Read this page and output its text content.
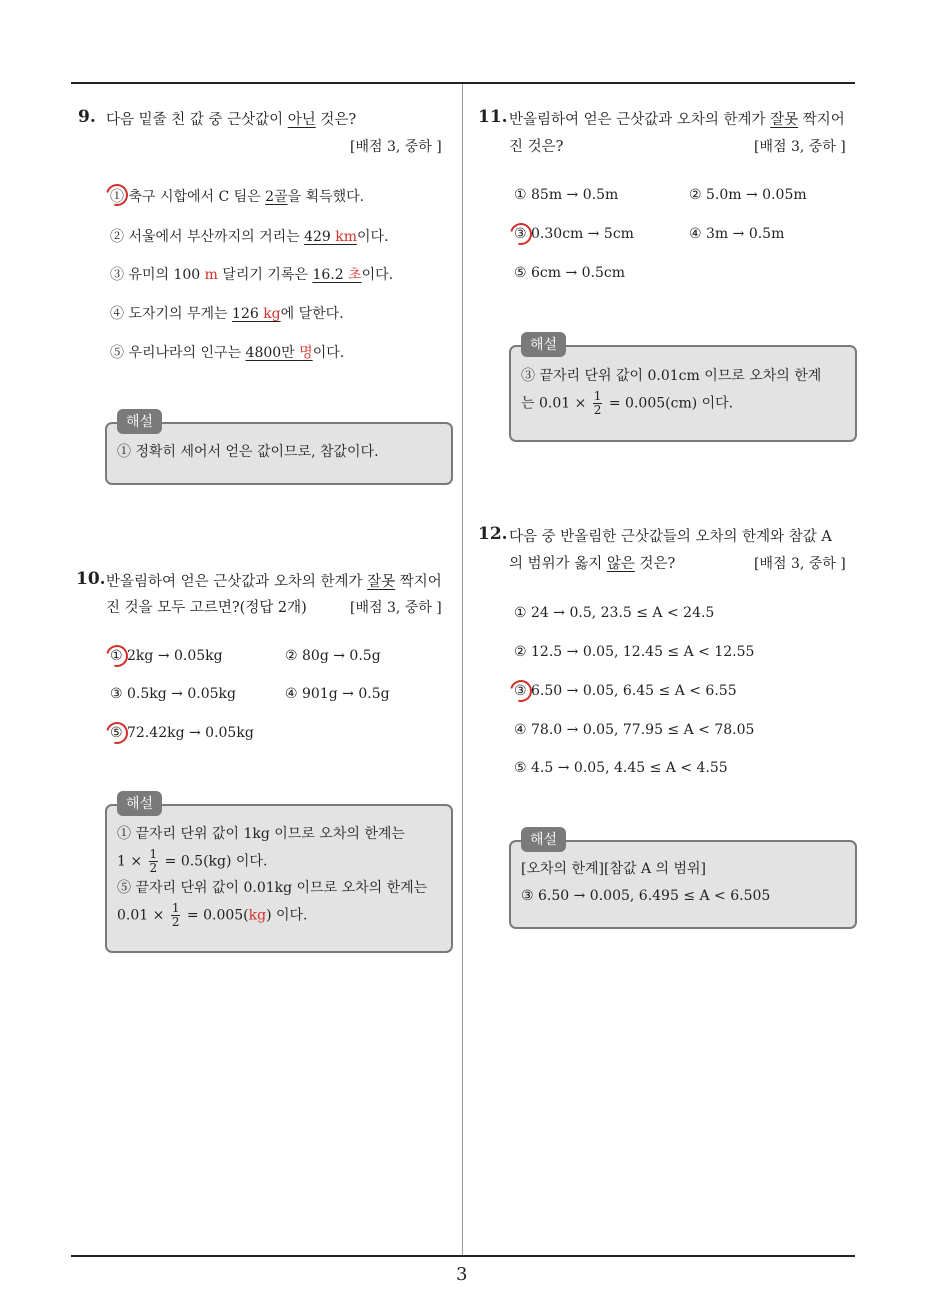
3
9. 다음 밑줄 친 값 중 근삿값이 아닌 것은?
[배점 3, 중하 ]
① 축구 시합에서 C 팀은 2골을 획득했다.
② 서울에서 부산까지의 거리는 429 km이다.
③ 유미의 100 m 달리기 기록은 16.2 초이다.
④ 도자기의 무게는 126 kg에 달한다.
⑤ 우리나라의 인구는 4800만 명이다.
해설
① 정확히 세어서 얻은 값이므로, 참값이다.
10. 반올림하여 얻은 근삿값과 오차의 한계가 잘못 짝지어
진 것을 모두 고르면?(정답 2개)	[배점 3, 중하 ]
① 2kg → 0.05kg	② 80g → 0.5g
③ 0.5kg → 0.05kg	④ 901g → 0.5g
⑤ 72.42kg → 0.05kg
해설
① 끝자리 단위 값이 1kg 이므로 오차의 한계는
$1 \times \frac{1}{2} = 0.5(kg)$ 이다.
⑤ 끝자리 단위 값이 0.01kg 이므로 오차의 한계는
$0.01 \times \frac{1}{2} = 0.005(kg)$ 이다.
11. 반올림하여 얻은 근삿값과 오차의 한계가 잘못 짝지어
진 것은?	[배점 3, 중하 ]
① 85m → 0.5m	② 5.0m → 0.05m
③ 0.30cm → 5cm	④ 3m → 0.5m
⑤ 6cm → 0.5cm
해설
③ 끝자리 단위 값이 0.01cm 이므로 오차의 한계
는 $0.01 \times \frac{1}{2} = 0.005(cm)$ 이다.
12. 다음 중 반올림한 근삿값들의 오차의 한계와 참값 A
의 범위가 옳지 않은 것은?	[배점 3, 중하 ]
① 24 → 0.5, 23.5 ≤ A < 24.5
② 12.5 → 0.05, 12.45 ≤ A < 12.55
③ 6.50 → 0.05, 6.45 ≤ A < 6.55
④ 78.0 → 0.05, 77.95 ≤ A < 78.05
⑤ 4.5 → 0.05, 4.45 ≤ A < 4.55
해설
[오차의 한계][참값 A 의 범위]
③ 6.50 → 0.005, 6.495 ≤ A < 6.505
